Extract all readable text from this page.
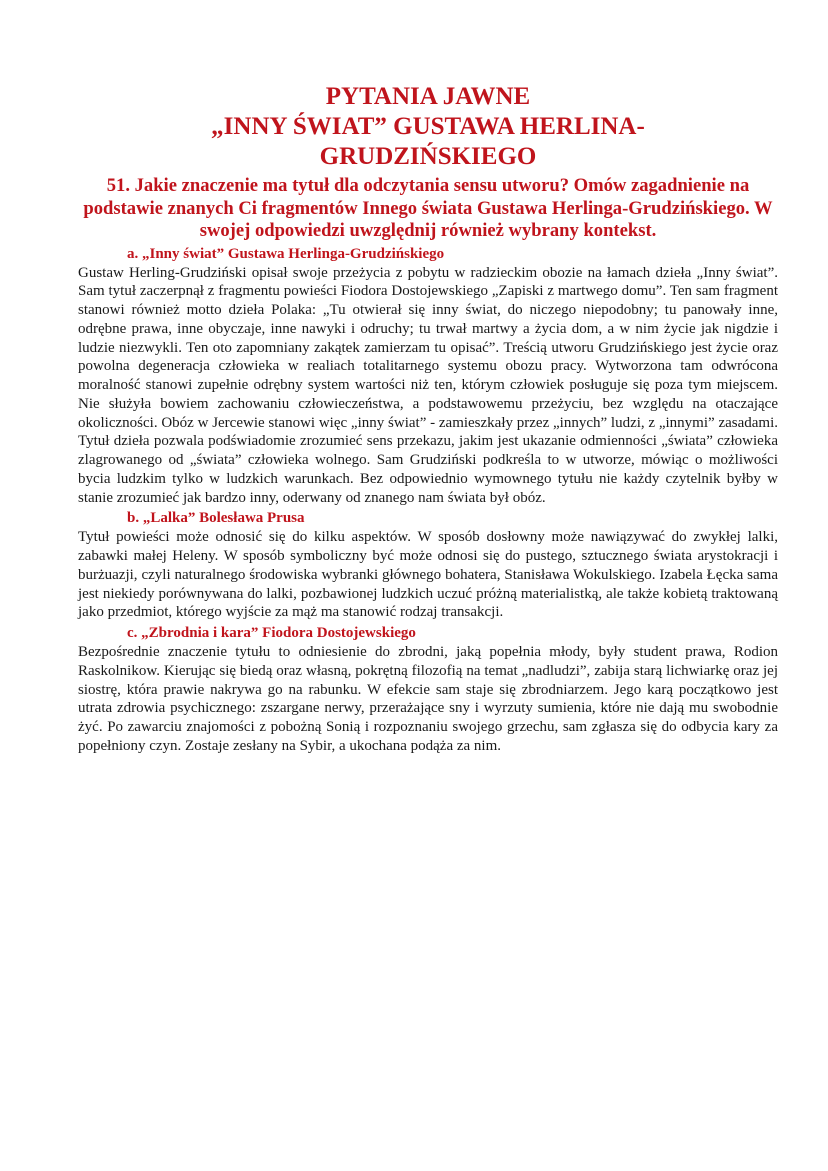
PYTANIA JAWNE
„INNY ŚWIAT” GUSTAWA HERLINA-
GRUDZIŃSKIEGO

51. Jakie znaczenie ma tytuł dla odczytania sensu utworu? Omów zagadnienie na podstawie znanych Ci fragmentów Innego świata Gustawa Herlinga-Grudzińskiego. W swojej odpowiedzi uwzględnij również wybrany kontekst.

a. „Inny świat” Gustawa Herlinga-Grudzińskiego

Gustaw Herling-Grudziński opisał swoje przeżycia z pobytu w radzieckim obozie na łamach dzieła „Inny świat”. Sam tytuł zaczerpnął z fragmentu powieści Fiodora Dostojewskiego „Zapiski z martwego domu”. Ten sam fragment stanowi również motto dzieła Polaka: „Tu otwierał się inny świat, do niczego niepodobny; tu panowały inne, odrębne prawa, inne obyczaje, inne nawyki i odruchy; tu trwał martwy a życia dom, a w nim życie jak nigdzie i ludzie niezwykli. Ten oto zapomniany zakątek zamierzam tu opisać”. Treścią utworu Grudzińskiego jest życie oraz powolna degeneracja człowieka w realiach totalitarnego systemu obozu pracy. Wytworzona tam odwrócona moralność stanowi zupełnie odrębny system wartości niż ten, którym człowiek posługuje się poza tym miejscem. Nie służyła bowiem zachowaniu człowieczeństwa, a podstawowemu przeżyciu, bez względu na otaczające okoliczności. Obóz w Jercewie stanowi więc „inny świat” - zamieszkały przez „innych” ludzi, z „innymi” zasadami. Tytuł dzieła pozwala podświadomie zrozumieć sens przekazu, jakim jest ukazanie odmienności „świata” człowieka zlagrowanego od „świata” człowieka wolnego. Sam Grudziński podkreśla to w utworze, mówiąc o możliwości bycia ludzkim tylko w ludzkich warunkach. Bez odpowiednio wymownego tytułu nie każdy czytelnik byłby w stanie zrozumieć jak bardzo inny, oderwany od znanego nam świata był obóz.

b. „Lalka” Bolesława Prusa

Tytuł powieści może odnosić się do kilku aspektów. W sposób dosłowny może nawiązywać do zwykłej lalki, zabawki małej Heleny. W sposób symboliczny być może odnosi się do pustego, sztucznego świata arystokracji i burżuazji, czyli naturalnego środowiska wybranki głównego bohatera, Stanisława Wokulskiego. Izabela Łęcka sama jest niekiedy porównywana do lalki, pozbawionej ludzkich uczuć próżną materialistką, ale także kobietą traktowaną jako przedmiot, którego wyjście za mąż ma stanowić rodzaj transakcji.

c. „Zbrodnia i kara” Fiodora Dostojewskiego

Bezpośrednie znaczenie tytułu to odniesienie do zbrodni, jaką popełnia młody, były student prawa, Rodion Raskolnikow. Kierując się biedą oraz własną, pokrętną filozofią na temat „nadludzi”, zabija starą lichwiarkę oraz jej siostrę, która prawie nakrywa go na rabunku. W efekcie sam staje się zbrodniarzem. Jego karą początkowo jest utrata zdrowia psychicznego: zszargane nerwy, przerażające sny i wyrzuty sumienia, które nie dają mu swobodnie żyć. Po zawarciu znajomości z pobożną Sonią i rozpoznaniu swojego grzechu, sam zgłasza się do odbycia kary za popełniony czyn. Zostaje zesłany na Sybir, a ukochana podąża za nim.
